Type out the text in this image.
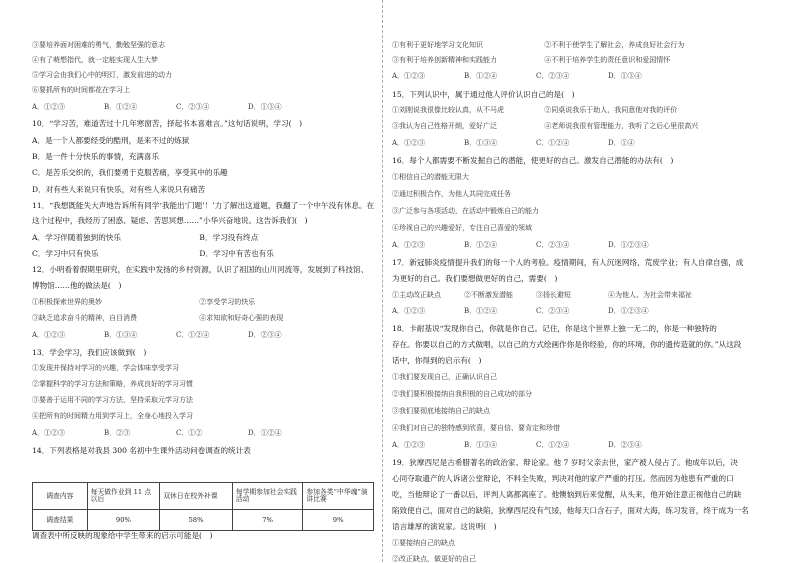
③要培养面对困难的勇气，勤勉坚强的意志
④有了萌想指代，就一定能实现人生大梦
⑤学习会由我们心中的明灯，激发前进的动力
⑥要抓所有的时间都花在学习上
A．①②③	B．①②④	C．②③④	D．①③④
10．“学习苦，难道苦过十几年寒窗苦，择起书本喜难言。”这句话说明，学习(　)
A．是一个人都要经受的酷刑，是来不过的炼狱
B．是一件十分快乐的事情，充满喜乐
C．是苦乐交织的，我们要勇于克服苦痛，享受其中的乐趣
D．对有些人来说只有快乐，对有些人来说只有痛苦
11．“我想既能失大声地告诉所有同学‘我能出‘门题’！’力了解出这道题，我翻了一个中午没有休息。在
这个过程中，我经历了困惑、疑虑、苦思冥想……”小华兴奋地说。这告诉我们(　)
A．学习伴随着独到的快乐	B．学习没有终点
C．学习中只有快乐	D．学习中有苦也有乐
12．小明看着假期里研究，在实践中发扬的乡村资源，认识了祖国的山川河流等，发展到了科技馆、
博物馆……他的做法是(　)
①积极探索世界的奥妙	②享受学习的快乐
③缺乏追求奋斗的精神，自目消费	④求知欲和好奇心强的表现
A．①②③	B．①③④	C．①②④	D．②③④
13．学会学习，我们应该做到(　)
①发现并保持对学习的兴趣，学会体味享受学习
②掌握科学的学习方法和策略，养成良好的学习习惯
③要善于运用不同的学习方法，坚持采取元学习方法
④把所有的时间精力用到学习上，全身心地投入学习
A．①②③	B．②③	C．①②	D．①②④
14．下列表格是对我县 300 名初中生课外活动问卷调查的统计表
调查内容	每天做作业到 11 点以后	双休日在校外补课	每学期参加社会实践活动	参加各类“中华魂”演讲比赛
调查结果	90%	58%	7%	9%
调查表中所反映的现象给中学生带来的启示可能是(　)
①有利于更好地学习文化知识	②不利于使学生了解社会，养成良好社会行为
③有利于培养创新精神和实践能力	④不利于培养学生的责任意识和爱国情怀
A．①②③	B．①②④	C．②③④	D．①③④
15．下列认识中，属于通过他人评价认识自己的是(　)
①刘刚说我很像比较认真，从不马虎	②同桌说我乐于助人，我同意他对我的评价
③我认为自己性格开朗，爱好广泛	④老师说我很有管理能力，我听了之后心里很高兴
A．①②③	B．①③④	C．①②④	D．①④
16．每个人都需要不断发掘自己的潜能，使更好的自己。激发自己潜能的办法有(　)
①相信自己的潜能无限大
②通过积极合作，为他人共同完成任务
③广泛参与各项活动，在活动中锻炼自己的能力
④珍视自己的兴趣爱好，专注自己喜爱的领域
A．①②③	B．①②④	C．②③④	D．①②③④
17．新冠肺炎疫情提升我们的每一个人的考验。疫情期间，有人沉迷网络，荒废学业；有人自律自强，成
为更好的自己。我们要想做更好的自己，需要(　)
①主动改正缺点	②不断激发潜能	③扬长避短	④为他人、为社会带来福祉
A．①②③	B．①②④	C．②③④	D．①②③④
18．卡耐基说“发现你自己，你就是你自己。记住，你是这个世界上独一无二的，你是一种独特的
存在。你要以自己的方式做唱，以自己的方式绘画作你是你经验，你的环境，你的遗传造就的你。”从这段
话中，你得到的启示有(　)
①我们要发现自己，正确认识自己
②我们要积极接纳自我积极的自己成功的部分
③我们要彻底地接纳自己的缺点
④我们对自己的独特感到欣喜，要自信、要肯定和珍惜
A．①②③	B．①③④	C．①②④	D．②③④
19．狄摩西尼是古希腊著名的政治家、辩论家。他 7 岁时父亲去世，家产被人侵占了。他成年以后，决
心同夺取遗产的人诉诸公堂辩论，不料全失败，判决对他的家产严重的打压。然而因为他患有严重的口
吃，当他辩论了一番以后，评判人离都离座了。他懊恼到后来觉醒，从头来，他开始注意正视他自己的缺
陷致使自己，面对自己的缺陷，狄摩西尼没有气馁，他每天口含石子，面对大海，练习发音，终于成为一名
语言雄厚的演说家。这说明(　)
①要接纳自己的缺点
②改正缺点，做更好的自己
